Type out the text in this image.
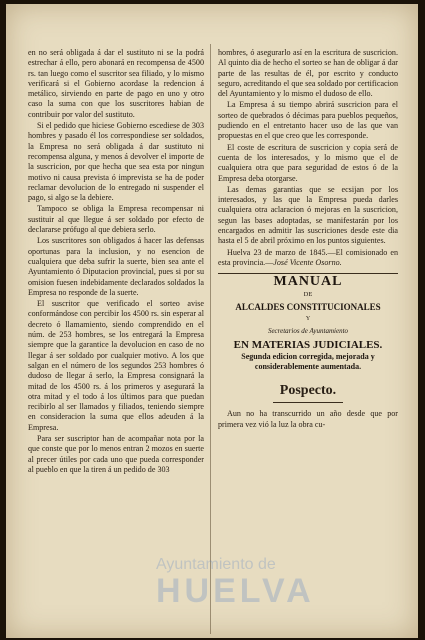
en no será obligada á dar el sustituto ni se la podrá estrechar á ello, pero abonará en recompensa de 4500 rs. tan luego como el suscritor sea filiado, y lo mismo verificará si el Gobierno acordase la redencion á metálico, sirviendo en parte de pago en uno y otro caso la suma con que los suscritores habian de contribuir por valor del sustituto.

Si el pedido que hiciese Gobierno escediese de 303 hombres y pasado él los correspondiese ser soldados, la Empresa no será obligada á dar sustituto ni recompensa alguna, y menos á devolver el importe de la suscricion, por que hecha que sea esta por ningun motivo ni causa prevista ó imprevista se ha de poder reclamar devolucion de lo entregado ni suspender el pago, si algo se la debiere.

Tampoco se obliga la Empresa recompensar ni sustituir al que llegue á ser soldado por efecto de declararse prófugo al que debiera serlo.

Los suscritores son obligados á hacer las defensas oportunas para la inclusion, y no esencion de cualquiera que deba sufrir la suerte, bien sea ante el Ayuntamiento ó Diputacion provincial, pues si por su omision fuesen indebidamente declarados soldados la Empresa no responde de la suerte.

El suscritor que verificado el sorteo avise conformándose con percibir los 4500 rs. sin esperar al decreto ó llamamiento, siendo comprendido en el núm. de 253 hombres, se los entregará la Empresa siempre que la garantice la devolucion en caso de no llegar á ser soldado por cualquier motivo. A los que salgan en el número de los segundos 253 hombres ó dudoso de llegar á serlo, la Empresa consignará la mitad de los 4500 rs. á los primeros y asegurará la otra mitad y el todo á los últimos para que puedan recibirlo al ser llamados y filiados, teniendo siempre en consideracion la suma que ellos adeuden á la Empresa.

Para ser suscriptor han de acompañar nota por la que conste que por lo menos entran 2 mozos en suerte al precer útiles por cada uno que pueda corresponder al pueblo en que la tiren á un pedido de 303

hombres, ó asegurarlo así en la escritura de suscricion. Al quinto dia de hecho el sorteo se han de obligar á dar parte de las resultas de él, por escrito y conducto seguro, acreditando el que sea soldado por certificacion del Ayuntamiento y lo mismo el dudoso de ello.

La Empresa á su tiempo abrirá suscricion para el sorteo de quebrados ó décimas para pueblos pequeños, pudiendo en el entretanto hacer uso de las que van propuestas en el que creo que les corresponde.

El coste de escritura de suscricion y copia será de cuenta de los interesados, y lo mismo que el de cualquiera otra que para seguridad de estos ó de la Empresa deba otorgarse.

Las demas garantias que se ecsijan por los interesados, y las que la Empresa pueda darles cualquiera otra aclaracion ó mejoras en la suscricion, segun las bases adoptadas, se manifestarán por los encargados en admitir las suscriciones desde este dia hasta el 5 de abril próximo en los puntos siguientes.

Huelva 23 de marzo de 1845.—El comisionado en esta provincia.—José Vicente Osorno.

MANUAL
DE
ALCALDES CONSTITUCIONALES
Y
Secretarios de Ayuntamiento
EN MATERIAS JUDICIALES.
Segunda edicion corregida, mejorada y considerablemente aumentada.
Pospecto.

Aun no ha transcurrido un año desde que por primera vez vió la luz la obra cu-

Ayuntamiento de
HUELVA
